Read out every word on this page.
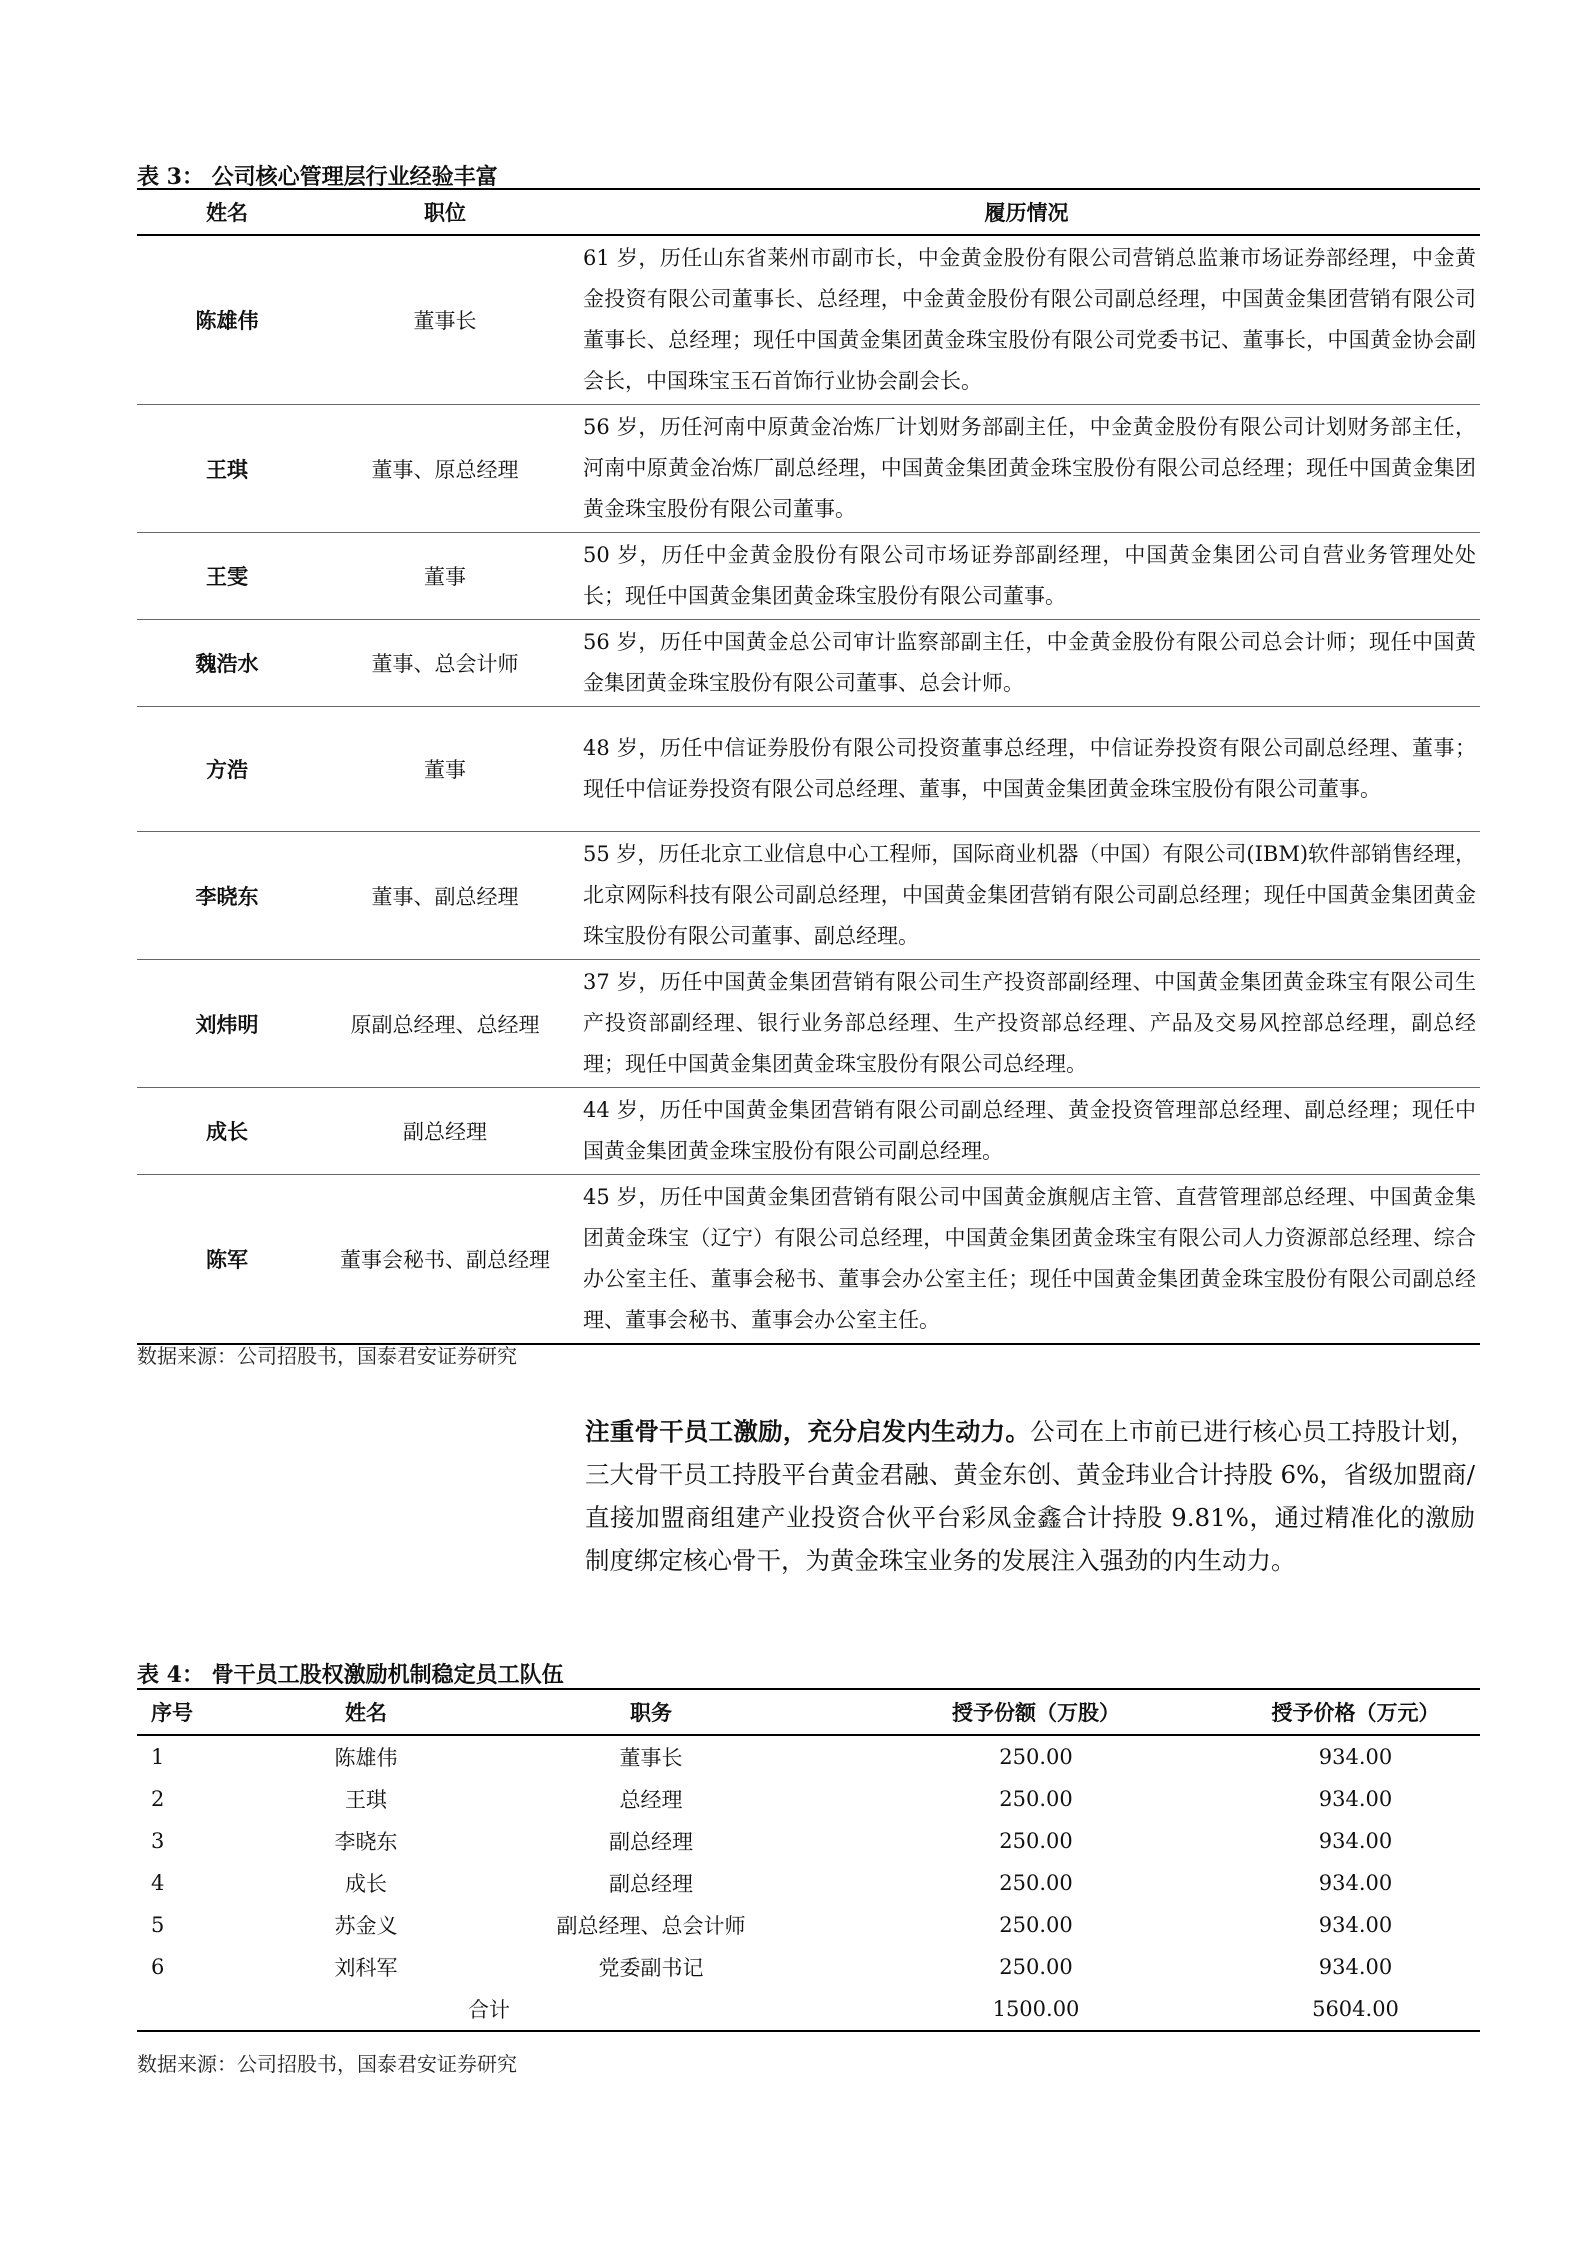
表 3： 公司核心管理层行业经验丰富
姓名	职位	履历情况
陈雄伟	董事长	61 岁，历任山东省莱州市副市长，中金黄金股份有限公司营销总监兼市场证券部经理，中金黄金投资有限公司董事长、总经理，中金黄金股份有限公司副总经理，中国黄金集团营销有限公司董事长、总经理；现任中国黄金集团黄金珠宝股份有限公司党委书记、董事长，中国黄金协会副会长，中国珠宝玉石首饰行业协会副会长。
王琪	董事、原总经理	56 岁，历任河南中原黄金冶炼厂计划财务部副主任，中金黄金股份有限公司计划财务部主任，河南中原黄金冶炼厂副总经理，中国黄金集团黄金珠宝股份有限公司总经理；现任中国黄金集团黄金珠宝股份有限公司董事。
王雯	董事	50 岁，历任中金黄金股份有限公司市场证券部副经理，中国黄金集团公司自营业务管理处处长；现任中国黄金集团黄金珠宝股份有限公司董事。
魏浩水	董事、总会计师	56 岁，历任中国黄金总公司审计监察部副主任，中金黄金股份有限公司总会计师；现任中国黄金集团黄金珠宝股份有限公司董事、总会计师。
方浩	董事	48 岁，历任中信证券股份有限公司投资董事总经理，中信证券投资有限公司副总经理、董事；现任中信证券投资有限公司总经理、董事，中国黄金集团黄金珠宝股份有限公司董事。
李晓东	董事、副总经理	55 岁，历任北京工业信息中心工程师，国际商业机器（中国）有限公司(IBM)软件部销售经理，北京网际科技有限公司副总经理，中国黄金集团营销有限公司副总经理；现任中国黄金集团黄金珠宝股份有限公司董事、副总经理。
刘炜明	原副总经理、总经理	37 岁，历任中国黄金集团营销有限公司生产投资部副经理、中国黄金集团黄金珠宝有限公司生产投资部副经理、银行业务部总经理、生产投资部总经理、产品及交易风控部总经理，副总经理；现任中国黄金集团黄金珠宝股份有限公司总经理。
成长	副总经理	44 岁，历任中国黄金集团营销有限公司副总经理、黄金投资管理部总经理、副总经理；现任中国黄金集团黄金珠宝股份有限公司副总经理。
陈军	董事会秘书、副总经理	45 岁，历任中国黄金集团营销有限公司中国黄金旗舰店主管、直营管理部总经理、中国黄金集团黄金珠宝（辽宁）有限公司总经理，中国黄金集团黄金珠宝有限公司人力资源部总经理、综合办公室主任、董事会秘书、董事会办公室主任；现任中国黄金集团黄金珠宝股份有限公司副总经理、董事会秘书、董事会办公室主任。
数据来源：公司招股书，国泰君安证券研究
注重骨干员工激励，充分启发内生动力。公司在上市前已进行核心员工持股计划，三大骨干员工持股平台黄金君融、黄金东创、黄金玮业合计持股 6%，省级加盟商/直接加盟商组建产业投资合伙平台彩凤金鑫合计持股 9.81%，通过精准化的激励制度绑定核心骨干，为黄金珠宝业务的发展注入强劲的内生动力。
表 4： 骨干员工股权激励机制稳定员工队伍
序号	姓名	职务	授予份额（万股）	授予价格（万元）
1	陈雄伟	董事长	250.00	934.00
2	王琪	总经理	250.00	934.00
3	李晓东	副总经理	250.00	934.00
4	成长	副总经理	250.00	934.00
5	苏金义	副总经理、总会计师	250.00	934.00
6	刘科军	党委副书记	250.00	934.00
合计			1500.00	5604.00
数据来源：公司招股书，国泰君安证券研究
